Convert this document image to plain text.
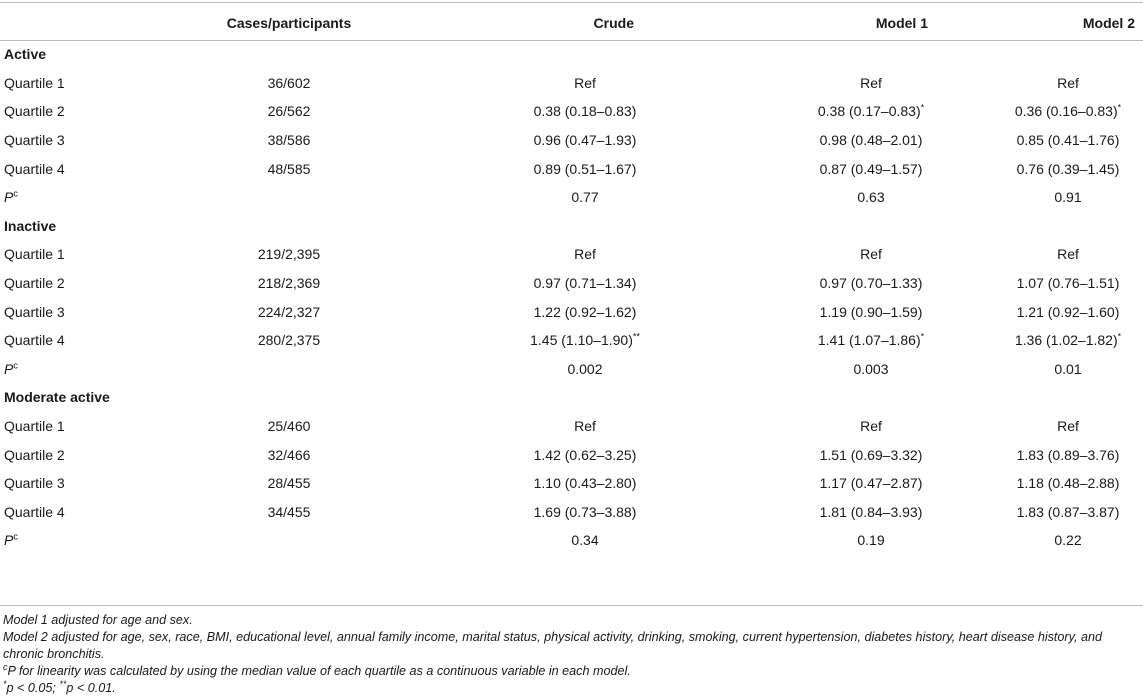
	Cases/participants	Crude	Model 1	Model 2
Active				
Quartile 1	36/602	Ref	Ref	Ref
Quartile 2	26/562	0.38 (0.18–0.83)	0.38 (0.17–0.83)*	0.36 (0.16–0.83)*
Quartile 3	38/586	0.96 (0.47–1.93)	0.98 (0.48–2.01)	0.85 (0.41–1.76)
Quartile 4	48/585	0.89 (0.51–1.67)	0.87 (0.49–1.57)	0.76 (0.39–1.45)
$P^c$		0.77	0.63	0.91
Inactive				
Quartile 1	219/2,395	Ref	Ref	Ref
Quartile 2	218/2,369	0.97 (0.71–1.34)	0.97 (0.70–1.33)	1.07 (0.76–1.51)
Quartile 3	224/2,327	1.22 (0.92–1.62)	1.19 (0.90–1.59)	1.21 (0.92–1.60)
Quartile 4	280/2,375	1.45 (1.10–1.90)**	1.41 (1.07–1.86)*	1.36 (1.02–1.82)*
$P^c$		0.002	0.003	0.01
Moderate active				
Quartile 1	25/460	Ref	Ref	Ref
Quartile 2	32/466	1.42 (0.62–3.25)	1.51 (0.69–3.32)	1.83 (0.89–3.76)
Quartile 3	28/455	1.10 (0.43–2.80)	1.17 (0.47–2.87)	1.18 (0.48–2.88)
Quartile 4	34/455	1.69 (0.73–3.88)	1.81 (0.84–3.93)	1.83 (0.87–3.87)
$P^c$		0.34	0.19	0.22

Model 1 adjusted for age and sex.

Model 2 adjusted for age, sex, race, BMI, educational level, annual family income, marital status, physical activity, drinking, smoking, current hypertension, diabetes history, heart disease history, and chronic bronchitis.

$^c$P for linearity was calculated by using the median value of each quartile as a continuous variable in each model.

*p < 0.05; **p < 0.01.
